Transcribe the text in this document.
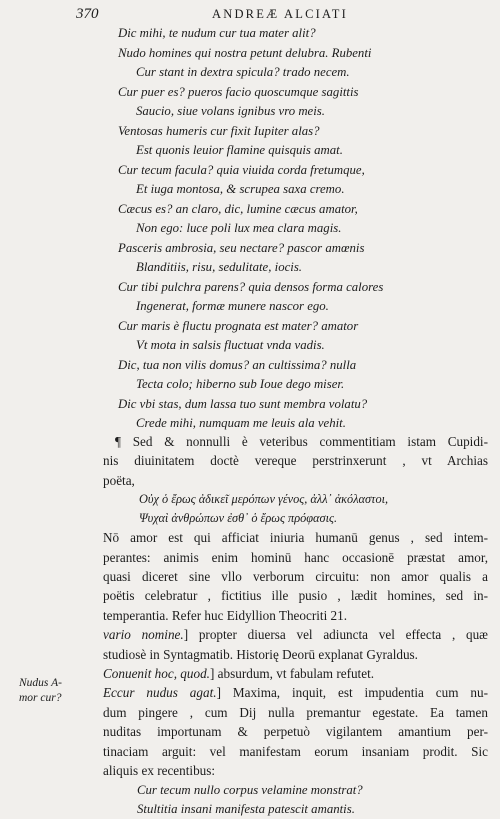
370	ANDREÆ ALCIATI
Dic mihi, te nudum cur tua mater alit?
Nudo homines qui nostra petunt delubra. Rubenti
Cur stant in dextra spicula? trado necem.
Cur puer es? pueros facio quoscumque sagittis
Saucio, siue volans ignibus vro meis.
Ventosas humeris cur fixit Iupiter alas?
Est quonis leuior flamine quisquis amat.
Cur tecum facula? quia viuida corda fretumque,
Et iuga montosa, & scrupea saxa cremo.
Cæcus es? an claro, dic, lumine cæcus amator,
Non ego: luce poli lux mea clara magis.
Pasceris ambrosia, seu nectare? pascor amœnis
Blanditiis, risu, sedulitate, iocis.
Cur tibi pulchra parens? quia densos forma calores
Ingenerat, formæ munere nascor ego.
Cur maris è fluctu prognata est mater? amator
Vt mota in salsis fluctuat vnda vadis.
Dic, tua non vilis domus? an cultissima? nulla
Tecta colo; hiberno sub Ioue dego miser.
Dic vbi stas, dum lassa tuo sunt membra volatu?
Crede mihi, numquam me leuis ala vehit.
¶ Sed & nonnulli è veteribus commentitiam istam Cupidi-
nis diuinitatem doctè vereque perstrinxerunt , vt Archias
poëta,
Οὐχ ὁ ἔρως ἀδικεῖ μερόπων γένος, ἀλλ᾽ ἀκόλαστοι,
Ψυχαὶ ἀνθρώπων ἐσθ᾽ ὁ ἔρως πρόφασις.
Nō amor est qui afficiat iniuria humanū genus , sed intem-
perantes: animis enim hominū hanc occasionē præstat amor,
quasi diceret sine vllo verborum circuitu: non amor qualis a
poëtis celebratur , fictitius ille pusio , lædit homines, sed in-
temperantia. Refer huc Eidyllion Theocriti 21.
vario nomine.] propter diuersa vel adiuncta vel effecta , quæ
studiosè in Syntagmatib. Historię Deorū explanat Gyraldus.
Conuenit hoc, quod.] absurdum, vt fabulam refutet.
Eccur nudus agat.] Maxima, inquit, est impudentia cum nu-
dum pingere , cum Dij nulla premantur egestate. Ea tamen
nuditas importunam & perpetuò vigilantem amantium per-
tinaciam arguit: vel manifestam eorum insaniam prodit. Sic
aliquis ex recentibus:
Cur tecum nullo corpus velamine monstrat?
Stultitia insani manifesta patescit amantis.
Nudus A-
mor cur?
